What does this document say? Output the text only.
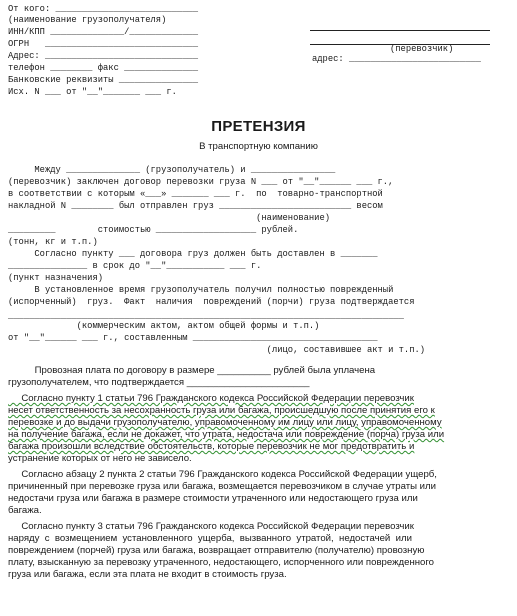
От кого: ___________________________
(наименование грузополучателя)
ИНН/КПП ______________/_____________
ОГРН   _____________________________
Адрес: _____________________________
телефон ________ факс ______________
Банковские реквизиты _______________
Исх. N ___ от "__"_______ ___ г.
(перевозчик)
адрес: _________________________
ПРЕТЕНЗИЯ
В транспортную компанию
Между ______________ (грузополучатель) и ________________
(перевозчик) заключен договор перевозки груза N ___ от "__"______ ___ г.,
в соответствии с которым «___» _______ ___ г.  по  товарно-транспортной
накладной N ________ был отправлен груз _________________________ весом
(наименование)
_________        стоимостью ___________________ рублей.
(тонн, кг и т.п.)
Согласно пункту ___ договора груз должен быть доставлен в _______
_______________ в срок до "__"___________ ___ г.
(пункт назначения)
В установленное время грузополучатель получил полностью поврежденный
(испорченный)  груз.  Факт  наличия  повреждений (порчи) груза подтверждается
___________________________________________________________________________
(коммерческим актом, актом общей формы и т.п.)
от "__"______ ___ г., составленным ___________________________________
(лицо, составившее акт и т.п.)
Провозная плата по договору в размере __________ рублей была уплачена
грузополучателем, что подтверждается _______________________
Согласно пункту 1 статьи 796 Гражданского кодекса Российской Федерации перевозчик
несет ответственность за несохранность груза или багажа, происшедшую после принятия его к
перевозке и до выдачи грузополучателю, управомоченному им лицу или лицу, управомоченному
на получение багажа, если не докажет, что утрата, недостача или повреждение (порча) груза или
багажа произошли вследствие обстоятельств, которые перевозчик не мог предотвратить и
устранение которых от него не зависело.
Согласно абзацу 2 пункта 2 статьи 796 Гражданского кодекса Российской Федерации ущерб,
причиненный при перевозке груза или багажа, возмещается перевозчиком в случае утраты или
недостачи груза или багажа в размере стоимости утраченного или недостающего груза или
багажа.
Согласно пункту 3 статьи 796 Гражданского кодекса Российской Федерации перевозчик
наряду  с  возмещением  установленного  ущерба,  вызванного  утратой,  недостачей  или
повреждением (порчей) груза или багажа, возвращает отправителю (получателю) провозную
плату, взысканную за перевозку утраченного, недостающего, испорченного или поврежденного
груза или багажа, если эта плата не входит в стоимость груза.
